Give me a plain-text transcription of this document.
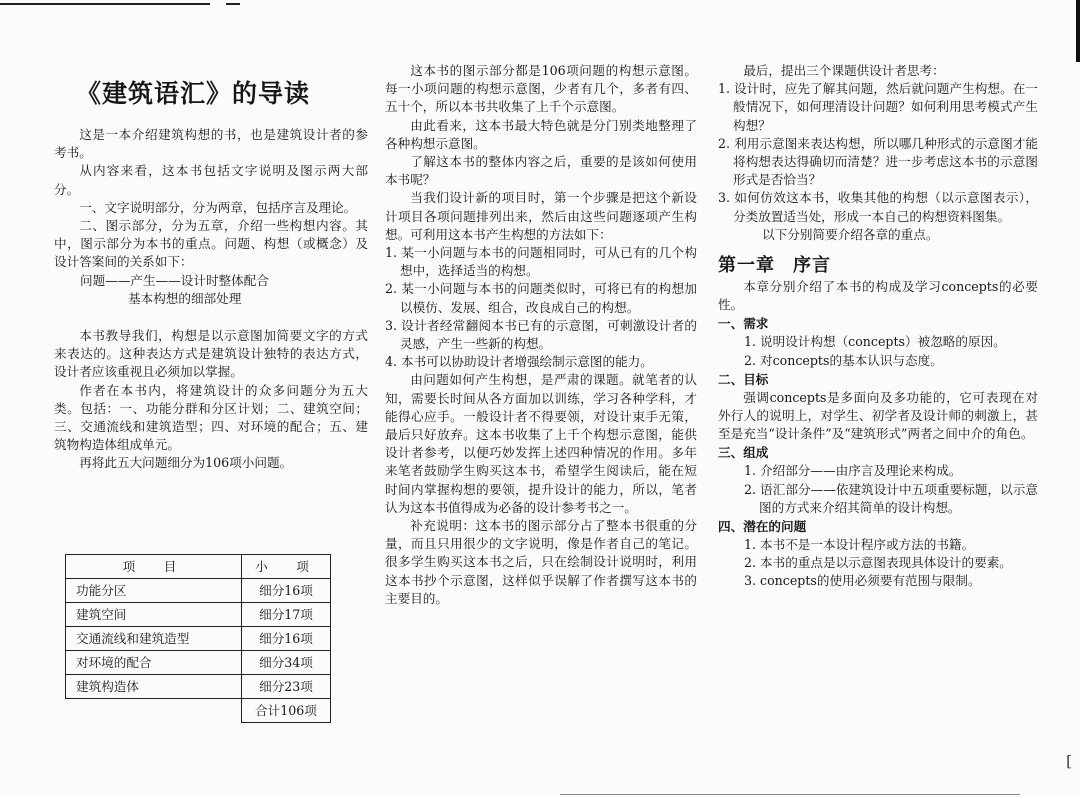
[
《建筑语汇》的导读

这是一本介绍建筑构想的书，也是建筑设计者的参考书。

从内容来看，这本书包括文字说明及图示两大部分。

一、文字说明部分，分为两章，包括序言及理论。

二、图示部分，分为五章，介绍一些构想内容。其中，图示部分为本书的重点。问题、构想（或概念）及设计答案间的关系如下：

问题——产生——设计时整体配合
基本构想的细部处理

本书教导我们，构想是以示意图加简要文字的方式来表达的。这种表达方式是建筑设计独特的表达方式，设计者应该重视且必须加以掌握。

作者在本书内，将建筑设计的众多问题分为五大类。包括：一、功能分群和分区计划；二、建筑空间；三、交通流线和建筑造型；四、对环境的配合；五、建筑物构造体组成单元。

再将此五大问题细分为106项小问题。

项　目	小　项
功能分区	细分16项
建筑空间	细分17项
交通流线和建筑造型	细分16项
对环境的配合	细分34项
建筑构造体	细分23项
	合计106项

这本书的图示部分都是106项问题的构想示意图。每一小项问题的构想示意图，少者有几个，多者有四、五十个，所以本书共收集了上千个示意图。

由此看来，这本书最大特色就是分门别类地整理了各种构想示意图。

了解这本书的整体内容之后，重要的是该如何使用本书呢？

当我们设计新的项目时，第一个步骤是把这个新设计项目各项问题排列出来，然后由这些问题逐项产生构想。可利用这本书产生构想的方法如下：

1. 某一小问题与本书的问题相同时，可从已有的几个构想中，选择适当的构想。
2. 某一小问题与本书的问题类似时，可将已有的构想加以模仿、发展、组合，改良成自己的构想。
3. 设计者经常翻阅本书已有的示意图，可刺激设计者的灵感，产生一些新的构想。
4. 本书可以协助设计者增强绘制示意图的能力。

由问题如何产生构想，是严肃的课题。就笔者的认知，需要长时间从各方面加以训练，学习各种学科，才能得心应手。一般设计者不得要领，对设计束手无策，最后只好放弃。这本书收集了上千个构想示意图，能供设计者参考，以便巧妙发挥上述四种情况的作用。多年来笔者鼓励学生购买这本书，希望学生阅读后，能在短时间内掌握构想的要领，提升设计的能力，所以，笔者认为这本书值得成为必备的设计参考书之一。

补充说明：这本书的图示部分占了整本书很重的分量，而且只用很少的文字说明，像是作者自己的笔记。很多学生购买这本书之后，只在绘制设计说明时，利用这本书抄个示意图，这样似乎误解了作者撰写这本书的主要目的。

最后，提出三个课题供设计者思考：

1. 设计时，应先了解其问题，然后就问题产生构想。在一般情况下，如何理清设计问题？如何利用思考模式产生构想？
2. 利用示意图来表达构想，所以哪几种形式的示意图才能将构想表达得确切而清楚？进一步考虑这本书的示意图形式是否恰当？
3. 如何仿效这本书，收集其他的构想（以示意图表示），分类放置适当处，形成一本自己的构想资料图集。

以下分别简要介绍各章的重点。

第一章 序言

本章分别介绍了本书的构成及学习concepts的必要性。

一、需求
1. 说明设计构想（concepts）被忽略的原因。
2. 对concepts的基本认识与态度。
二、目标

强调concepts是多面向及多功能的，它可表现在对外行人的说明上，对学生、初学者及设计师的刺激上，甚至是充当“设计条件”及“建筑形式”两者之间中介的角色。

三、组成
1. 介绍部分——由序言及理论来构成。
2. 语汇部分——依建筑设计中五项重要标题，以示意图的方式来介绍其简单的设计构想。
四、潜在的问题
1. 本书不是一本设计程序或方法的书籍。
2. 本书的重点是以示意图表现具体设计的要素。
3. concepts的使用必须要有范围与限制。
